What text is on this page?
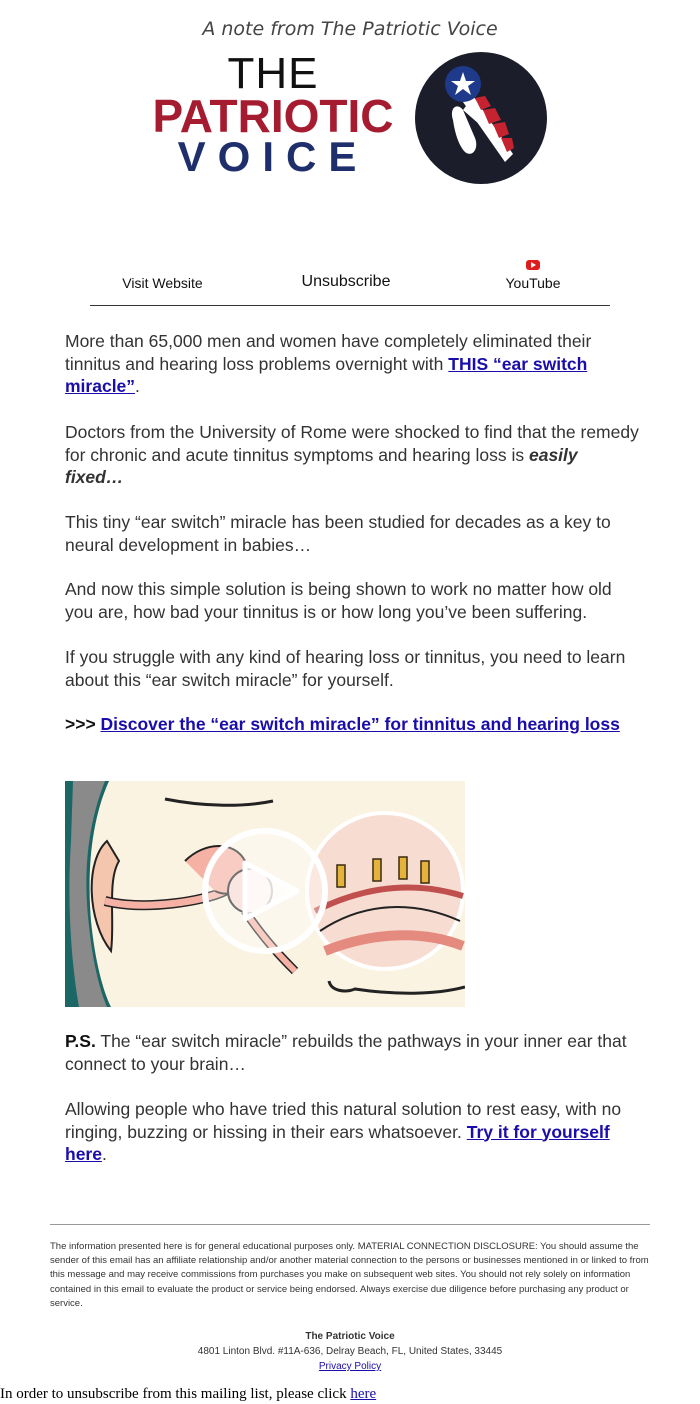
A note from The Patriotic Voice
THE
PATRIOTIC
VOICE
Visit Website	Unsubscribe	YouTube
More than 65,000 men and women have completely eliminated their tinnitus and hearing loss problems overnight with THIS “ear switch miracle”.
Doctors from the University of Rome were shocked to find that the remedy for chronic and acute tinnitus symptoms and hearing loss is easily fixed…
This tiny “ear switch” miracle has been studied for decades as a key to neural development in babies…
And now this simple solution is being shown to work no matter how old you are, how bad your tinnitus is or how long you’ve been suffering.
If you struggle with any kind of hearing loss or tinnitus, you need to learn about this “ear switch miracle” for yourself.
>>> Discover the “ear switch miracle” for tinnitus and hearing loss
P.S. The “ear switch miracle” rebuilds the pathways in your inner ear that connect to your brain…
Allowing people who have tried this natural solution to rest easy, with no ringing, buzzing or hissing in their ears whatsoever. Try it for yourself here.
The information presented here is for general educational purposes only. MATERIAL CONNECTION DISCLOSURE: You should assume the sender of this email has an affiliate relationship and/or another material connection to the persons or businesses mentioned in or linked to from this message and may receive commissions from purchases you make on subsequent web sites. You should not rely solely on information contained in this email to evaluate the product or service being endorsed. Always exercise due diligence before purchasing any product or service.
The Patriotic Voice
4801 Linton Blvd. #11A-636, Delray Beach, FL, United States, 33445
Privacy Policy
In order to unsubscribe from this mailing list, please click here
